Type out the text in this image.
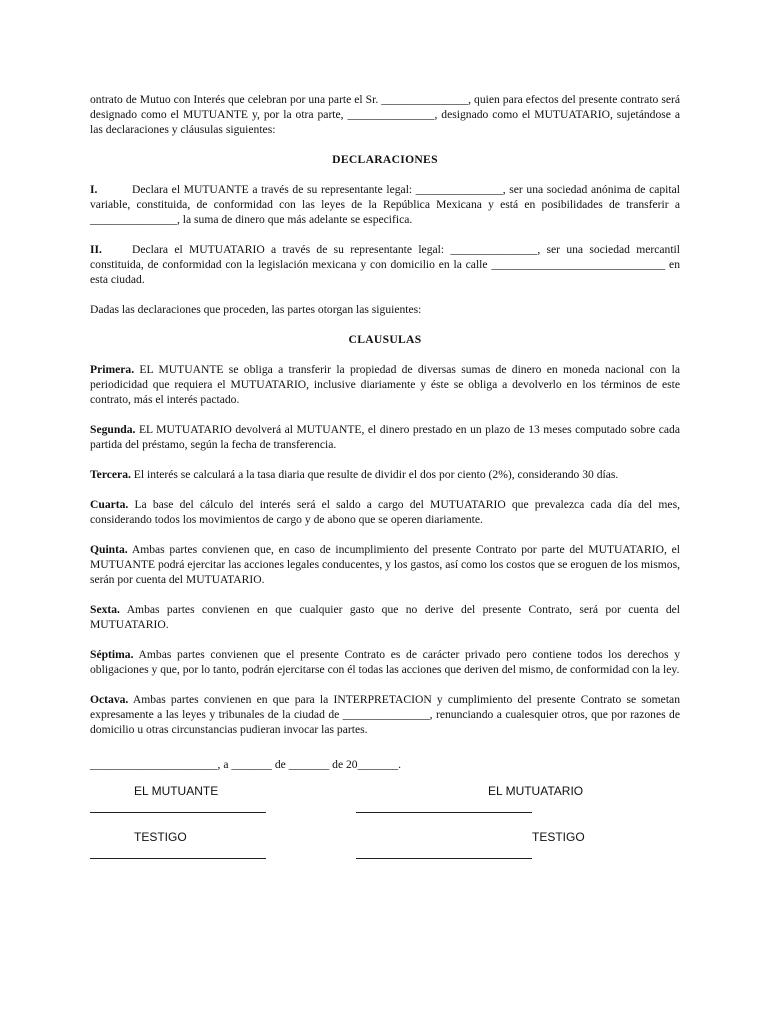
ontrato de Mutuo con Interés que celebran por una parte el Sr. _______________, quien para efectos del presente contrato será designado como el MUTUANTE y, por la otra parte, _______________, designado como el MUTUATARIO, sujetándose a las declaraciones y cláusulas siguientes:

DECLARACIONES

I.	Declara el MUTUANTE a través de su representante legal: _______________, ser una sociedad anónima de capital variable, constituida, de conformidad con las leyes de la República Mexicana y está en posibilidades de transferir a _______________, la suma de dinero que más adelante se especifica.

II.	Declara el MUTUATARIO a través de su representante legal: _______________, ser una sociedad mercantil constituida, de conformidad con la legislación mexicana y con domicilio en la calle ______________________________ en esta ciudad.

Dadas las declaraciones que proceden, las partes otorgan las siguientes:

CLAUSULAS

Primera. EL MUTUANTE se obliga a transferir la propiedad de diversas sumas de dinero en moneda nacional con la periodicidad que requiera el MUTUATARIO, inclusive diariamente y éste se obliga a devolverlo en los términos de este contrato, más el interés pactado.

Segunda. EL MUTUATARIO devolverá al MUTUANTE, el dinero prestado en un plazo de 13 meses computado sobre cada partida del préstamo, según la fecha de transferencia.

Tercera. El interés se calculará a la tasa diaria que resulte de dividir el dos por ciento (2%), considerando 30 días.

Cuarta. La base del cálculo del interés será el saldo a cargo del MUTUATARIO que prevalezca cada día del mes, considerando todos los movimientos de cargo y de abono que se operen diariamente.

Quinta. Ambas partes convienen que, en caso de incumplimiento del presente Contrato por parte del MUTUATARIO, el MUTUANTE podrá ejercitar las acciones legales conducentes, y los gastos, así como los costos que se eroguen de los mismos, serán por cuenta del MUTUATARIO.

Sexta. Ambas partes convienen en que cualquier gasto que no derive del presente Contrato, será por cuenta del MUTUATARIO.

Séptima. Ambas partes convienen que el presente Contrato es de carácter privado pero contiene todos los derechos y obligaciones y que, por lo tanto, podrán ejercitarse con él todas las acciones que deriven del mismo, de conformidad con la ley.

Octava. Ambas partes convienen en que para la INTERPRETACION y cumplimiento del presente Contrato se sometan expresamente a las leyes y tribunales de la ciudad de _______________, renunciando a cualesquier otros, que por razones de domicilio u otras circunstancias pudieran invocar las partes.

______________________, a _______ de _______ de 20_______.
EL MUTUANTE	EL MUTUATARIO
TESTIGO	TESTIGO
